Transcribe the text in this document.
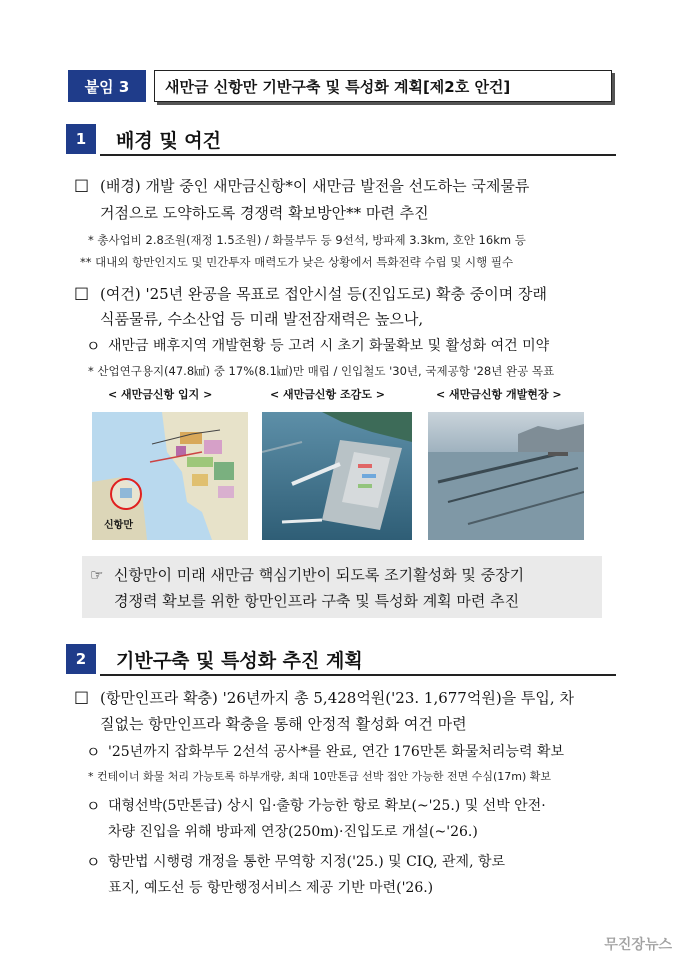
붙임 3	새만금 신항만 기반구축 및 특성화 계획[제2호 안건]
1	배경 및 여건
□ (배경) 개발 중인 새만금신항*이 새만금 발전을 선도하는 국제물류
거점으로 도약하도록 경쟁력 확보방안** 마련 추진
* 총사업비 2.8조원(재정 1.5조원) / 화물부두 등 9선석, 방파제 3.3km, 호안 16km 등
** 대내외 항만인지도 및 민간투자 매력도가 낮은 상황에서 특화전략 수립 및 시행 필수
□ (여건) '25년 완공을 목표로 접안시설 등(진입도로) 확충 중이며 장래
식품물류, 수소산업 등 미래 발전잠재력은 높으나,
ㅇ 새만금 배후지역 개발현황 등 고려 시 초기 화물확보 및 활성화 여건 미약
* 산업연구용지(47.8㎢) 중 17%(8.1㎢)만 매립 / 인입철도 '30년, 국제공항 '28년 완공 목표
< 새만금신항 입지 >	< 새만금신항 조감도 >	< 새만금신항 개발현장 >
신항만
☞ 신항만이 미래 새만금 핵심기반이 되도록 조기활성화 및 중장기
경쟁력 확보를 위한 항만인프라 구축 및 특성화 계획 마련 추진
2	기반구축 및 특성화 추진 계획
□ (항만인프라 확충) '26년까지 총 5,428억원('23. 1,677억원)을 투입, 차
질없는 항만인프라 확충을 통해 안정적 활성화 여건 마련
ㅇ '25년까지 잡화부두 2선석 공사*를 완료, 연간 176만톤 화물처리능력 확보
* 컨테이너 화물 처리 가능토록 하부개량, 최대 10만톤급 선박 접안 가능한 전면 수심(17m) 확보
ㅇ 대형선박(5만톤급) 상시 입·출항 가능한 항로 확보(~'25.) 및 선박 안전·
차량 진입을 위해 방파제 연장(250m)·진입도로 개설(~'26.)
ㅇ 항만법 시행령 개정을 통한 무역항 지정('25.) 및 CIQ, 관제, 항로
표지, 예도선 등 항만행정서비스 제공 기반 마련('26.)
무진장뉴스
